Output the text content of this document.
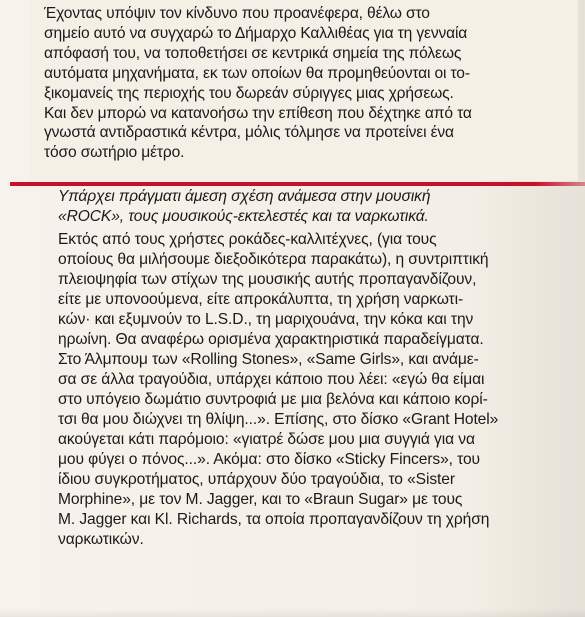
Έχοντας υπόψιν τον κίνδυνο που προανέφερα, θέλω στο
σημείο αυτό να συγχαρώ το Δήμαρχο Καλλιθέας για τη γενναία
απόφασή του, να τοποθετήσει σε κεντρικά σημεία της πόλεως
αυτόματα μηχανήματα, εκ των οποίων θα προμηθεύονται οι το-
ξικομανείς της περιοχής του δωρεάν σύριγγες μιας χρήσεως.
Και δεν μπορώ να κατανοήσω την επίθεση που δέχτηκε από τα
γνωστά αντιδραστικά κέντρα, μόλις τόλμησε να προτείνει ένα
τόσο σωτήριο μέτρο.
Υπάρχει πράγματι άμεση σχέση ανάμεσα στην μουσική
«ROCK», τους μουσικούς-εκτελεστές και τα ναρκωτικά.
Εκτός από τους χρήστες ροκάδες-καλλιτέχνες, (για τους
οποίους θα μιλήσουμε διεξοδικότερα παρακάτω), η συντριπτική
πλειοψηφία των στίχων της μουσικής αυτής προπαγανδίζουν,
είτε με υπονοούμενα, είτε απροκάλυπτα, τη χρήση ναρκωτι-
κών· και εξυμνούν το L.S.D., τη μαριχουάνα, την κόκα και την
ηρωίνη. Θα αναφέρω ορισμένα χαρακτηριστικά παραδείγματα.
Στο Άλμπουμ των «Rolling Stones», «Same Girls», και ανάμε-
σα σε άλλα τραγούδια, υπάρχει κάποιο που λέει: «εγώ θα είμαι
στο υπόγειο δωμάτιο συντροφιά με μια βελόνα και κάποιο κορί-
τσι θα μου διώχνει τη θλίψη...». Επίσης, στο δίσκο «Grant Hotel»
ακούγεται κάτι παρόμοιο: «γιατρέ δώσε μου μια συγγιά για να
μου φύγει ο πόνος...». Ακόμα: στο δίσκο «Sticky Fincers», του
ίδιου συγκροτήματος, υπάρχουν δύο τραγούδια, το «Sister
Morphine», με τον Μ. Jagger, και το «Braun Sugar» με τους
Μ. Jagger και Κl. Richards, τα οποία προπαγανδίζουν τη χρήση
ναρκωτικών.
